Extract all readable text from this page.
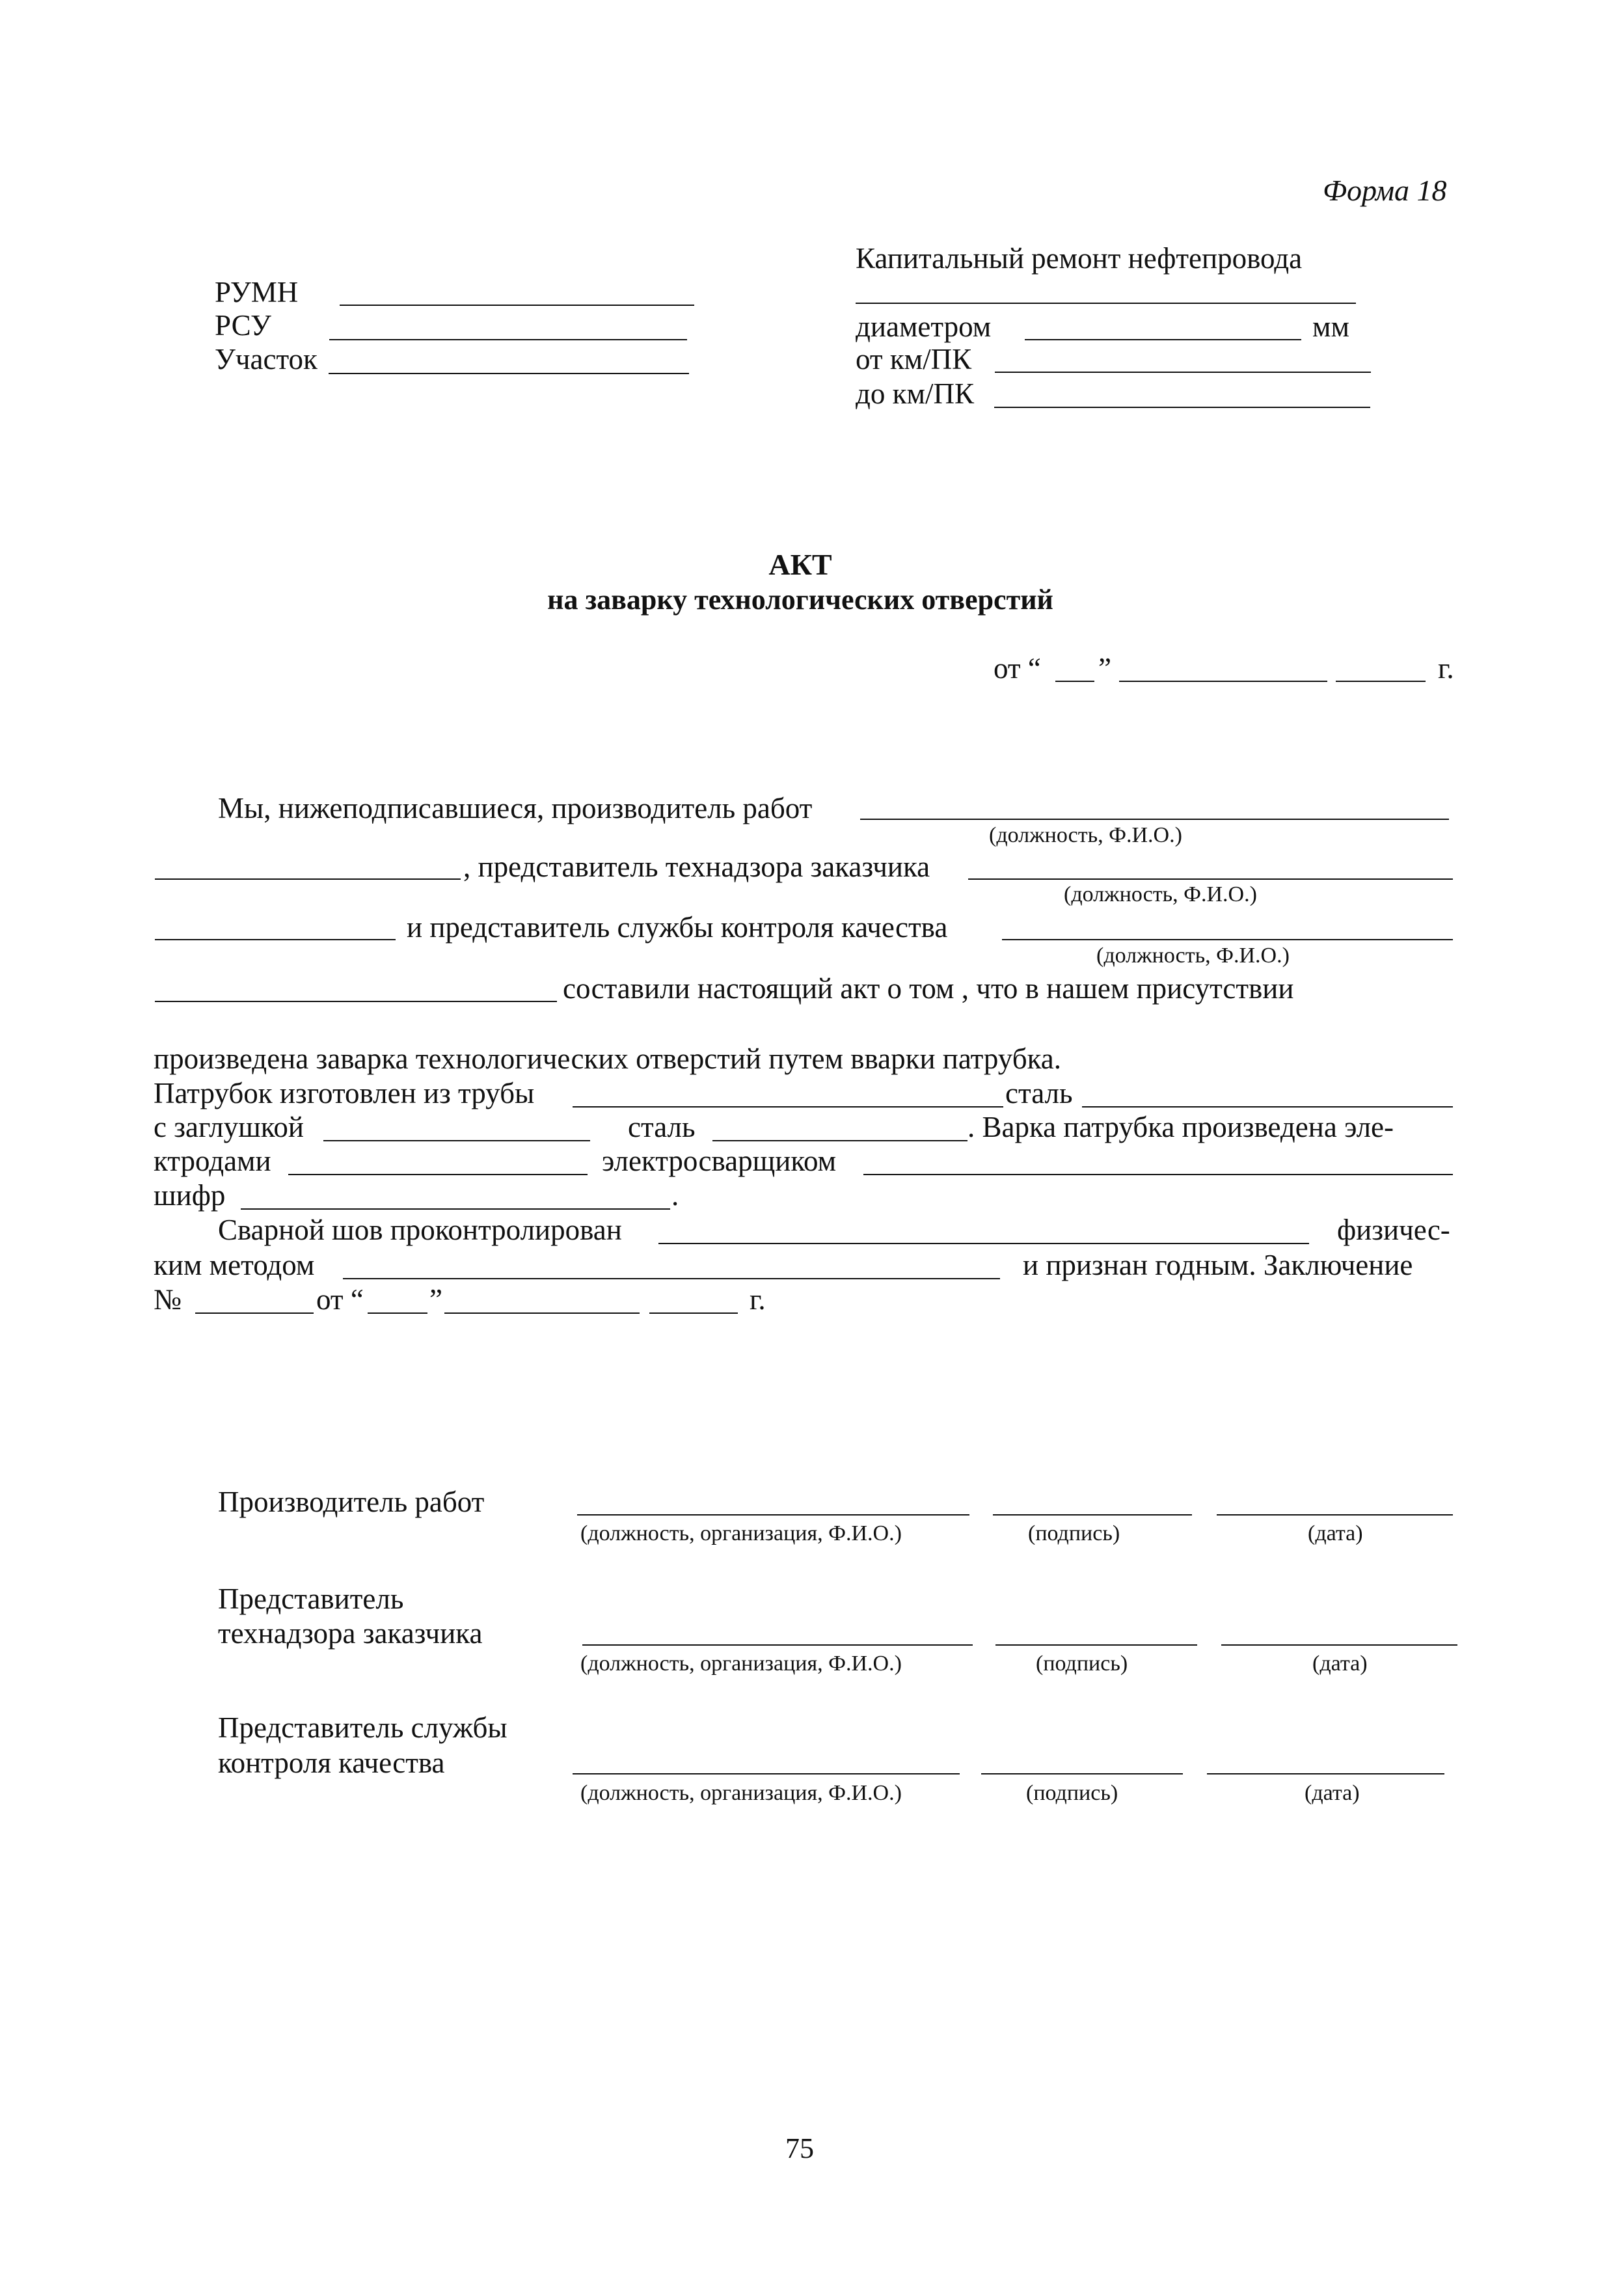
Форма 18
РУМН
РСУ
Участок
Капитальный ремонт нефтепровода
диаметром	мм
от км/ПК
до км/ПК
АКТ
на заварку технологических отверстий
от “ ”	г.
Мы, нижеподписавшиеся, производитель работ
(должность, Ф.И.О.)
, представитель технадзора заказчика
(должность, Ф.И.О.)
и представитель службы контроля качества
(должность, Ф.И.О.)
составили настоящий акт о том , что в нашем присутствии
произведена заварка технологических отверстий путем вварки патрубка.
Патрубок изготовлен из трубы	сталь
с заглушкой	сталь	. Варка патрубка произведена эле-
ктродами	электросварщиком
шифр	.
Сварной шов проконтролирован	физичес-
ким методом	и признан годным. Заключение
№	от “ ”	г.
Производитель работ
(должность, организация, Ф.И.О.)	(подпись)	(дата)
Представитель
технадзора заказчика
(должность, организация, Ф.И.О.)	(подпись)	(дата)
Представитель службы
контроля качества
(должность, организация, Ф.И.О.)	(подпись)	(дата)
75
